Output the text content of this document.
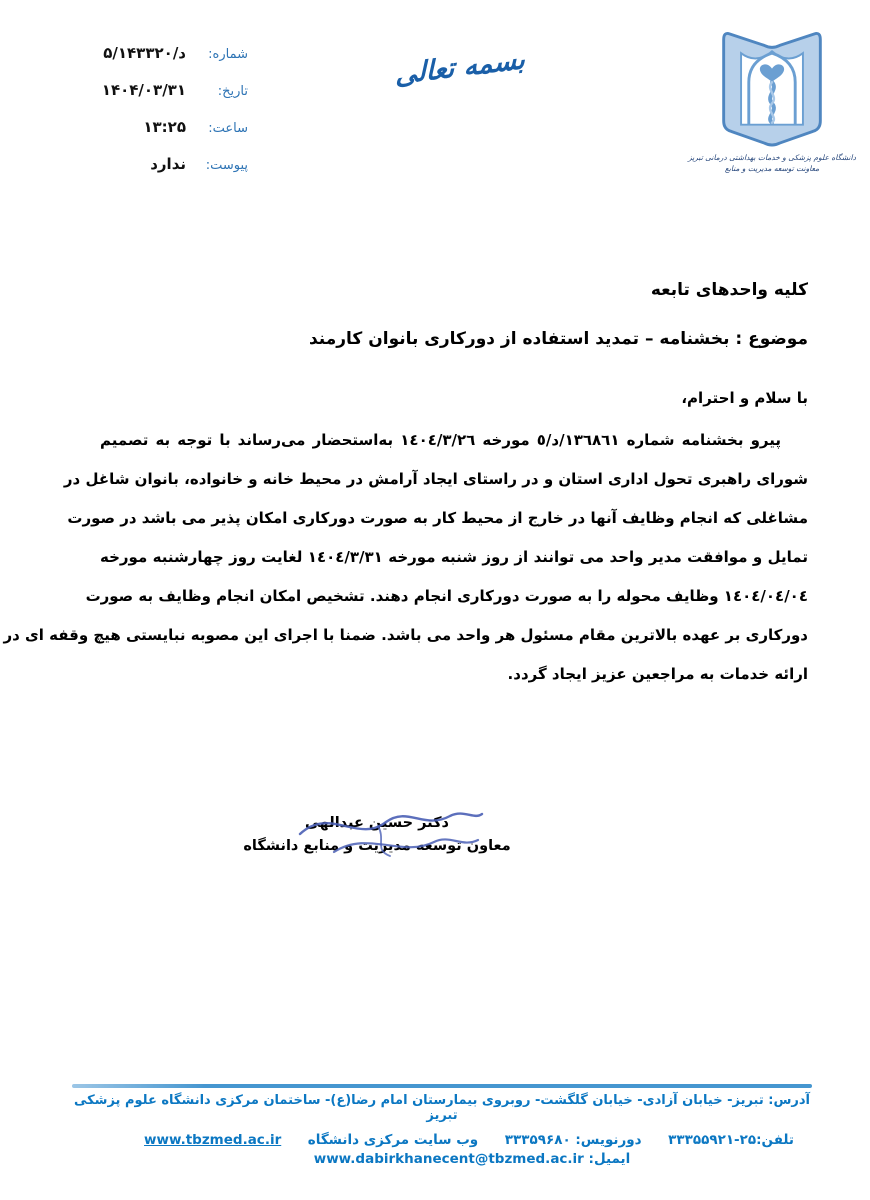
شماره:
۵/د/۱۴۳۳۲۰
تاریخ:
۱۴۰۴/۰۳/۳۱
ساعت:
۱۳:۲۵
پیوست:
ندارد
بسمه تعالی
دانشگاه علوم پزشکی و خدمات بهداشتی درمانی تبریز
معاونت توسعه مدیریت و منابع
کلیه واحدهای تابعه
موضوع : بخشنامه – تمدید استفاده از دورکاری بانوان کارمند
با سلام و احترام،
پیرو بخشنامه شماره ١٣٦٨٦١/د/٥ مورخه ١٤٠٤/٣/٢٦ به‌استحضار می‌رساند با توجه به تصمیم
شورای راهبری تحول اداری استان و در راستای ایجاد آرامش در محیط خانه و خانواده، بانوان شاغل در
مشاغلی که انجام وظایف آنها در خارج از محیط کار به صورت دورکاری امکان پذیر می باشد در صورت
تمایل و موافقت مدیر واحد می توانند از روز شنبه مورخه ١٤٠٤/٣/٣١ لغایت روز چهارشنبه مورخه
١٤٠٤/٠٤/٠٤ وظایف محوله را به صورت دورکاری انجام دهند. تشخیص امکان انجام وظایف به صورت
دورکاری بر عهده بالاترین مقام مسئول هر واحد می باشد. ضمنا با اجرای این مصوبه نبایستی هیچ وقفه ای در
ارائه خدمات به مراجعین عزیز ایجاد گردد.
دکتر حسین عبدالهی
معاون توسعه مدیریت و منابع دانشگاه
آدرس: تبریز- خیابان آزادی- خیابان گلگشت- روبروی بیمارستان امام رضا(ع)- ساختمان مرکزی دانشگاه علوم پزشکی تبریز
تلفن:۳۳۳۵۵۹۲۱-۲۵
دورنویس: ۳۳۳۵۹۶۸۰
وب سایت مرکزی دانشگاه
www.tbzmed.ac.ir
ایمیل: www.dabirkhanecent@tbzmed.ac.ir
